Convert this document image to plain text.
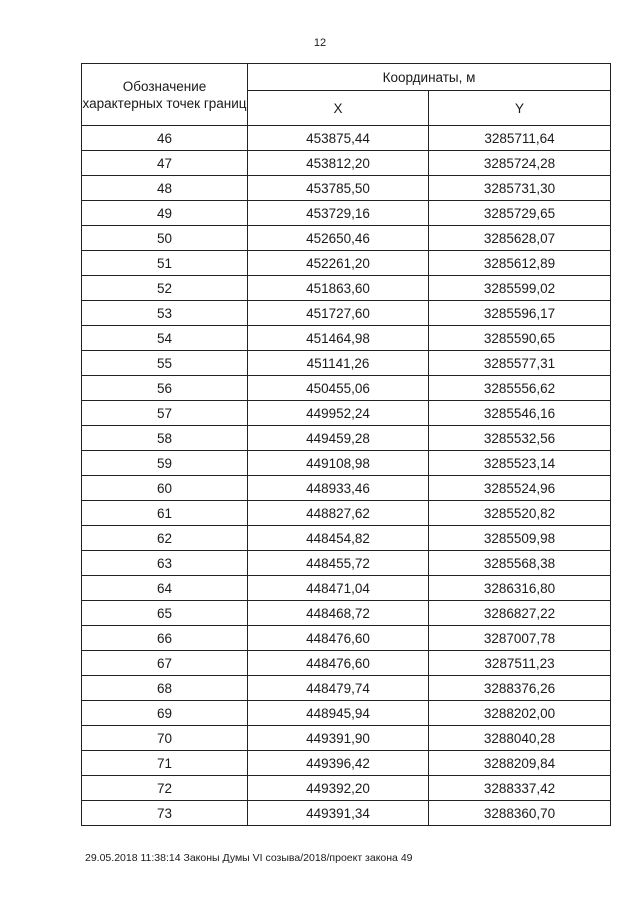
12
Обозначение характерных точек границ	Координаты, м	
	X	Y
46	453875,44	3285711,64
47	453812,20	3285724,28
48	453785,50	3285731,30
49	453729,16	3285729,65
50	452650,46	3285628,07
51	452261,20	3285612,89
52	451863,60	3285599,02
53	451727,60	3285596,17
54	451464,98	3285590,65
55	451141,26	3285577,31
56	450455,06	3285556,62
57	449952,24	3285546,16
58	449459,28	3285532,56
59	449108,98	3285523,14
60	448933,46	3285524,96
61	448827,62	3285520,82
62	448454,82	3285509,98
63	448455,72	3285568,38
64	448471,04	3286316,80
65	448468,72	3286827,22
66	448476,60	3287007,78
67	448476,60	3287511,23
68	448479,74	3288376,26
69	448945,94	3288202,00
70	449391,90	3288040,28
71	449396,42	3288209,84
72	449392,20	3288337,42
73	449391,34	3288360,70
29.05.2018 11:38:14 Законы Думы VI созыва/2018/проект закона 49
